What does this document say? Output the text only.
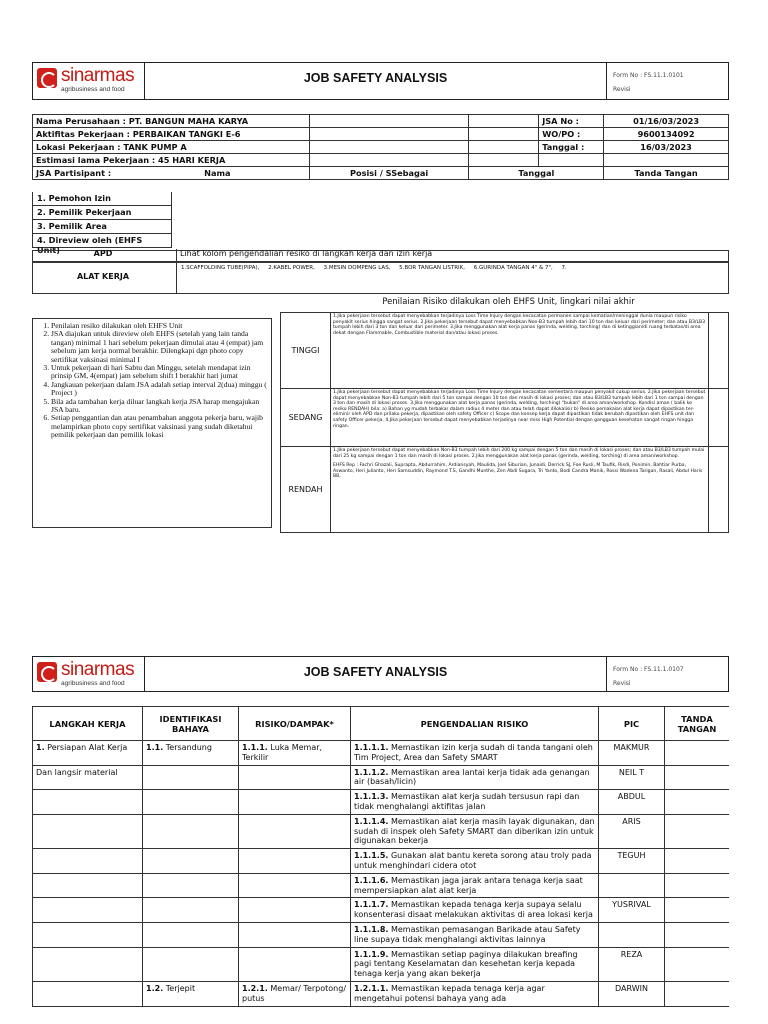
sinarmas
agribusiness and food
JOB SAFETY ANALYSIS	Form No : FS.11.1.0101
Revisi
Nama Perusahaan : PT. BANGUN MAHA KARYA			JSA No :	01/16/03/2023
Aktifitas Pekerjaan : PERBAIKAN TANGKI E-6			WO/PO :	9600134092
Lokasi Pekerjaan : TANK PUMP A			Tanggal :	16/03/2023
Estimasi lama Pekerjaan : 45 HARI KERJA				
JSA Partisipant : Nama	Posisi / SSebagai	Tanggal		Tanda Tangan
1. Pemohon Izin
2. Pemilik Pekerjaan
3. Pemilik Area
4. Direview oleh (EHFS Unit)	APD	Lihat kolom pengendalian resiko di langkah kerja dan izin kerja
ALAT KERJA
1.SCAFFOLDING TUBE(PIPA),     2.KABEL POWER,     3.MESIN DOMPENG LAS,     5.BOR TANGAN LISTRIK,     6.GURINDA TANGAN 4" & 7",     7.
Penilaian Risiko dilakukan oleh EHFS Unit, lingkari nilai akhir
1. Penilaian resiko dilakukan oleh EHFS Unit
2. JSA diajukan untuk direview oleh EHFS (setelah yang lain tanda tangan) minimal 1 hari sebelum pekerjaan dimulai atau 4 (empat) jam sebelum jam kerja normal berakhir. Dilengkapi dgn photo copy sertifikat vaksinasi minimal I
3. Untuk pekerjaan di hari Sabtu dan Minggu, setelah mendapat izin prinsip GM, 4(empat) jam sebelum shift I berakhir hari jumat
4. Jangkauan pekerjaan dalam JSA adalah setiap interval 2(dua) minggu ( Project )
5. Bila ada tambahan kerja diluar langkah kerja JSA harap mengajukan JSA baru.
6. Setiap penggantian dan atau penambahan anggota pekerja baru, wajib melampirkan photo copy sertifikat vaksinasi yang sudah diketahui pemilik pekerjaan dan pemilik lokasi
TINGGI	1.Jika pekerjaan tersebut dapat menyebabkan terjadinya Loss Time Injury dengan kecacatan permanen sampai kematian/meninggal dunia maupun risiko penyakit serius hingga sangat serius. 2.Jika pekerjaan tersebut dapat menyebabkan Non-B3 tumpah lebih dari 10 ton dan keluar dari perimeter; dan atau B3/LB3 tumpah lebih dari 3 ton dan keluar dari perimeter. 3.Jika menggunakan alat kerja panas (gerinda, welding, torching) dan di ketinggian/di ruang terbatas/di area dekat dengan Flammable, Combustible material dan/atau lokasi proses.	
SEDANG	1.Jika pekerjaan tersebut dapat menyebabkan terjadinya Loss Time Injury dengan kecacatan sementara maupun penyakit cukup serius. 2.Jika pekerjaan tersebut dapat menyebabkan Non-B3 tumpah lebih dari 5 ton sampai dengan 10 ton dan masih di lokasi proses; dan atau B3/LB3 tumpah lebih dari 1 ton sampai dengan 3 ton dan masih di lokasi proses. 3.Jika menggunakan alat kerja panas (gerinda, welding, torching) "bukan" di area aman/workshop. Kondisi aman ( balik ke resiko RENDAH) bila: a) Bahan yg mudah terbakar dalam radius 4 meter dan atau telah dapat dilokalisir b) Resiko pemakaian alat kerja dapat dipastikan ter-eliminir oleh APD dan prilaku pekerja, dipastikan oleh safety Officer c) Scope dan konsep kerja dapat dipastikan tidak berubah dipastikan oleh EHFS unit dan safety Officer pekerja. 4.Jika pekerjaan tersebut dapat menyebabkan terjadinya near miss High Potential dengan gangguan kesehatan sangat ringan hingga ringan.	
RENDAH	1.Jika pekerjaan tersebut dapat menyebabkan Non-B3 tumpah lebih dari 200 kg sampai dengan 5 ton dan masih di lokasi proses; dan atau B3/LB3 tumpah mulai dari 25 kg sampai dengan 1 ton dan masih di lokasi proses. 2.Jika menggunakan alat kerja panas (gerinda, welding, torching) di area aman/workshop.
EHFS Rep : Fachri Ghazali, Suprapta, Abdurrahim, Ardiansyah, Maulida, Joel Siburian, Junaidi, Derrick SJ, Foe Rusli, M Taufik, Risdi, Ponimin, Bahtiar Purba, Aswanto, Heri Julianto, Heri Samsuddin, Raymond T.S, Gandhi Munthe, Zen Abdi Sugara, Tri Yanto, Bodi Candra Manik, Rossi Wadena Tarigan, Rasali, Abdul Haris BB,	

sinarmas
agribusiness and food
JOB SAFETY ANALYSIS	Form No : FS.11.1.0107
Revisi
LANGKAH KERJA	IDENTIFIKASI BAHAYA	RISIKO/DAMPAK*	PENGENDALIAN RISIKO	PIC	TANDA TANGAN
1. Persiapan Alat Kerja	1.1. Tersandung	1.1.1. Luka Memar, Terkilir	1.1.1.1. Memastikan izin kerja sudah di tanda tangani oleh Tim Project, Area dan Safety SMART	MAKMUR	
Dan langsir material			1.1.1.2. Memastikan area lantai kerja tidak ada genangan air (basah/licin)	NEIL T	
			1.1.1.3. Memastikan alat kerja sudah tersusun rapi dan tidak menghalangi aktifitas jalan	ABDUL	
			1.1.1.4. Memastikan alat kerja masih layak digunakan, dan sudah di inspek oleh Safety SMART dan diberikan izin untuk digunakan bekerja	ARIS	
			1.1.1.5. Gunakan alat bantu kereta sorong atau troly pada untuk menghindari cidera otot	TEGUH	
			1.1.1.6. Memastikan jaga jarak antara tenaga kerja saat mempersiapkan alat alat kerja		
			1.1.1.7. Memastikan kepada tenaga kerja supaya selalu konsenterasi disaat melakukan aktivitas di area lokasi kerja	YUSRIVAL	
			1.1.1.8. Memastikan pemasangan Barikade atau Safety line supaya tidak menghalangi aktivitas lainnya		
			1.1.1.9. Memastikan setiap paginya dilakukan breafing pagi tentang Keselamatan dan kesehetan kerja kepada tenaga kerja yang akan bekerja	REZA	
	1.2. Terjepit	1.2.1. Memar/ Terpotong/ putus	1.2.1.1. Memastikan kepada tenaga kerja agar mengetahui potensi bahaya yang ada	DARWIN	
